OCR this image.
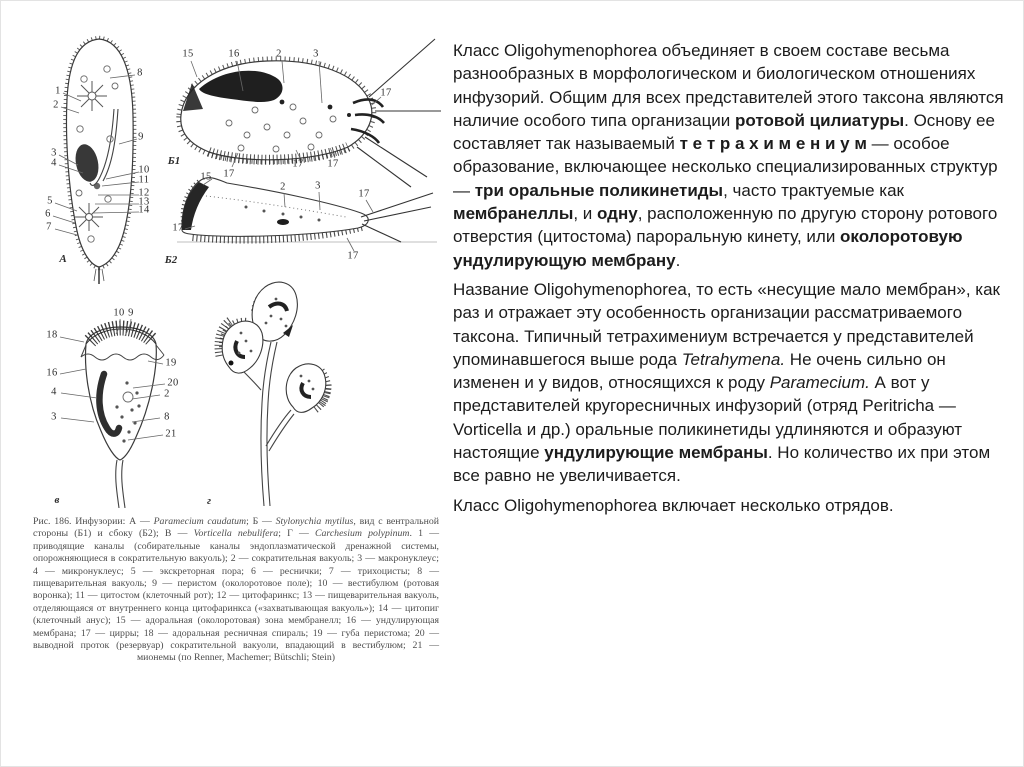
1
2
3
4
5
6
7
8
9
10
11
12
13
14
15	16	2	3
17
17
17 17
15
2	3
17
17
17
10 9
18
19
16
20
4	2
3	8
21
А
Б1
Б2
в	г
Рис. 186. Инфузории: А — Paramecium caudatum; Б — Stylonychia mytilus, вид с вентральной стороны (Б1) и сбоку (Б2); В — Vorticella nebulifera; Г — Carchesium polypinum. 1 — приводящие каналы (собирательные каналы эндоплазматической дренажной системы, опорожняющиеся в сократительную вакуоль); 2 — сократительная вакуоль; 3 — макронуклеус; 4 — микронуклеус; 5 — экскреторная пора; 6 — реснички; 7 — трихоцисты; 8 — пищеварительная вакуоль; 9 — перистом (околоротовое поле); 10 — вестибулюм (ротовая воронка); 11 — цитостом (клеточный рот); 12 — цитофаринкс; 13 — пищеварительная вакуоль, отделяющаяся от внутреннего конца цитофаринкса («захватывающая вакуоль»); 14 — цитопиг (клеточный анус); 15 — адоральная (околоротовая) зона мембранелл; 16 — ундулирующая мембрана; 17 — цирры; 18 — адоральная ресничная спираль; 19 — губа перистома; 20 — выводной проток (резервуар) сократительной вакуоли, впадающий в вестибулюм; 21 — мионемы (по Renner, Machemer; Bütschli; Stein)

Класс Oligohymenophorea объединяет в своем составе весьма разнообразных в морфологическом и биологическом отношениях инфузорий. Общим для всех представителей этого таксона являются наличие особого типа организации ротовой цилиатуры. Основу ее составляет так называемый т е т р а х и м е н и у м — особое образование, включающее несколько специализированных структур — три оральные поликинетиды, часто трактуемые как мембранеллы, и одну, расположенную по другую сторону ротового отверстия (цитостома) пароральную кинету, или околоротовую ундулирующую мембрану.

Название Oligohymenophorea, то есть «несущие мало мембран», как раз и отражает эту особенность организации рассматриваемого таксона. Типичный тетрахимениум встречается у представителей упоминавшегося выше рода Tetrahymena. Не очень сильно он изменен и у видов, относящихся к роду Paramecium. А вот у представителей кругоресничных инфузорий (отряд Peritricha — Vorticella и др.) оральные поликинетиды удлиняются и образуют настоящие ундулирующие мембраны. Но количество их при этом все равно не увеличивается.

Класс Oligohymenophorea включает несколько отрядов.
